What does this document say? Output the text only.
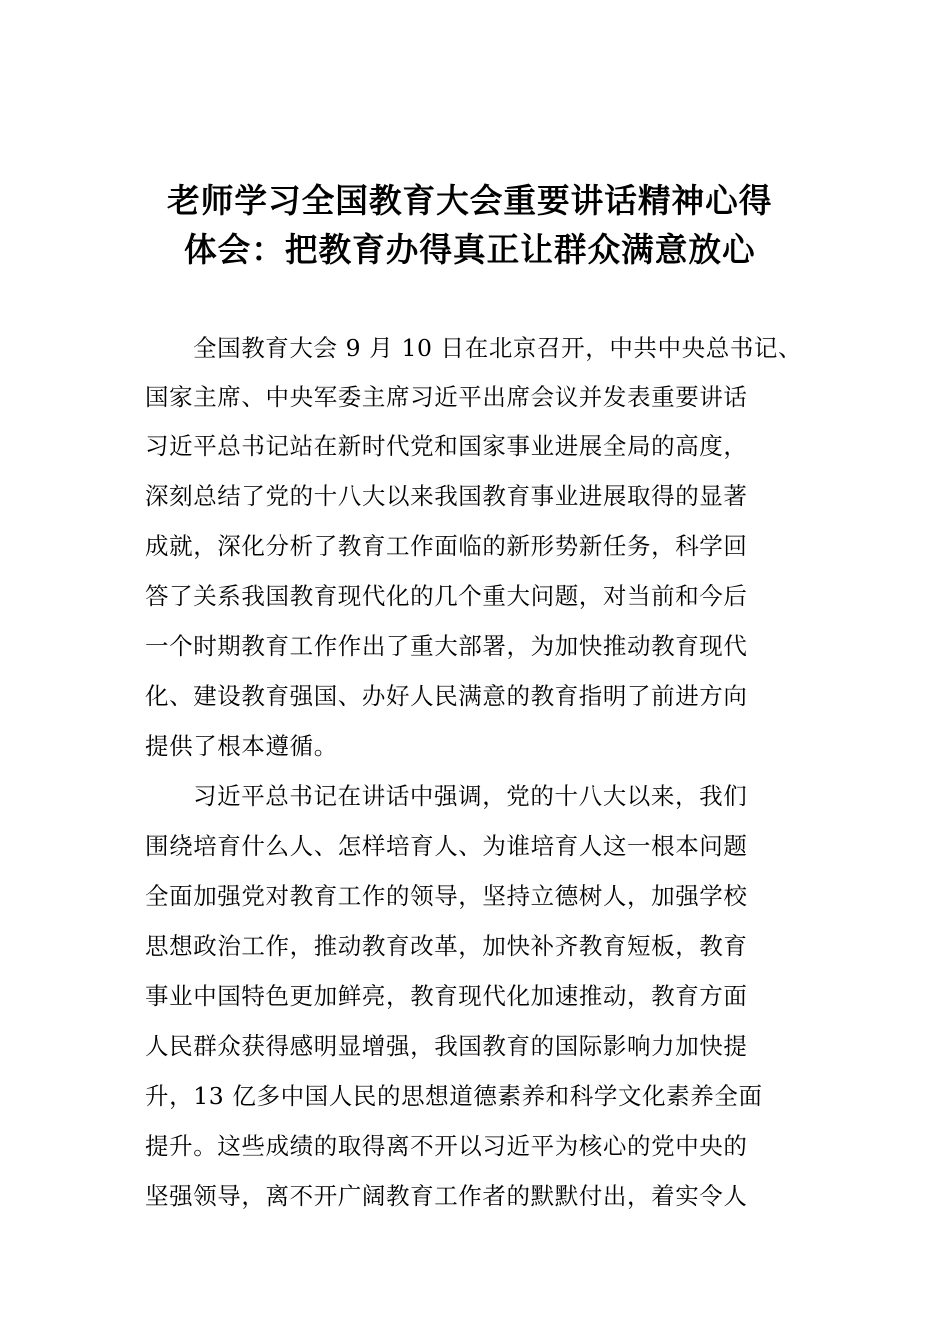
老师学习全国教育大会重要讲话精神心得
体会：把教育办得真正让群众满意放心
全国教育大会 9 月 10 日在北京召开，中共中央总书记、
国家主席、中央军委主席习近平出席会议并发表重要讲话
习近平总书记站在新时代党和国家事业进展全局的高度，
深刻总结了党的十八大以来我国教育事业进展取得的显著
成就，深化分析了教育工作面临的新形势新任务，科学回
答了关系我国教育现代化的几个重大问题，对当前和今后
一个时期教育工作作出了重大部署，为加快推动教育现代
化、建设教育强国、办好人民满意的教育指明了前进方向
提供了根本遵循。
习近平总书记在讲话中强调，党的十八大以来，我们
围绕培育什么人、怎样培育人、为谁培育人这一根本问题
全面加强党对教育工作的领导，坚持立德树人，加强学校
思想政治工作，推动教育改革，加快补齐教育短板，教育
事业中国特色更加鲜亮，教育现代化加速推动，教育方面
人民群众获得感明显增强，我国教育的国际影响力加快提
升，13 亿多中国人民的思想道德素养和科学文化素养全面
提升。这些成绩的取得离不开以习近平为核心的党中央的
坚强领导，离不开广阔教育工作者的默默付出，着实令人
